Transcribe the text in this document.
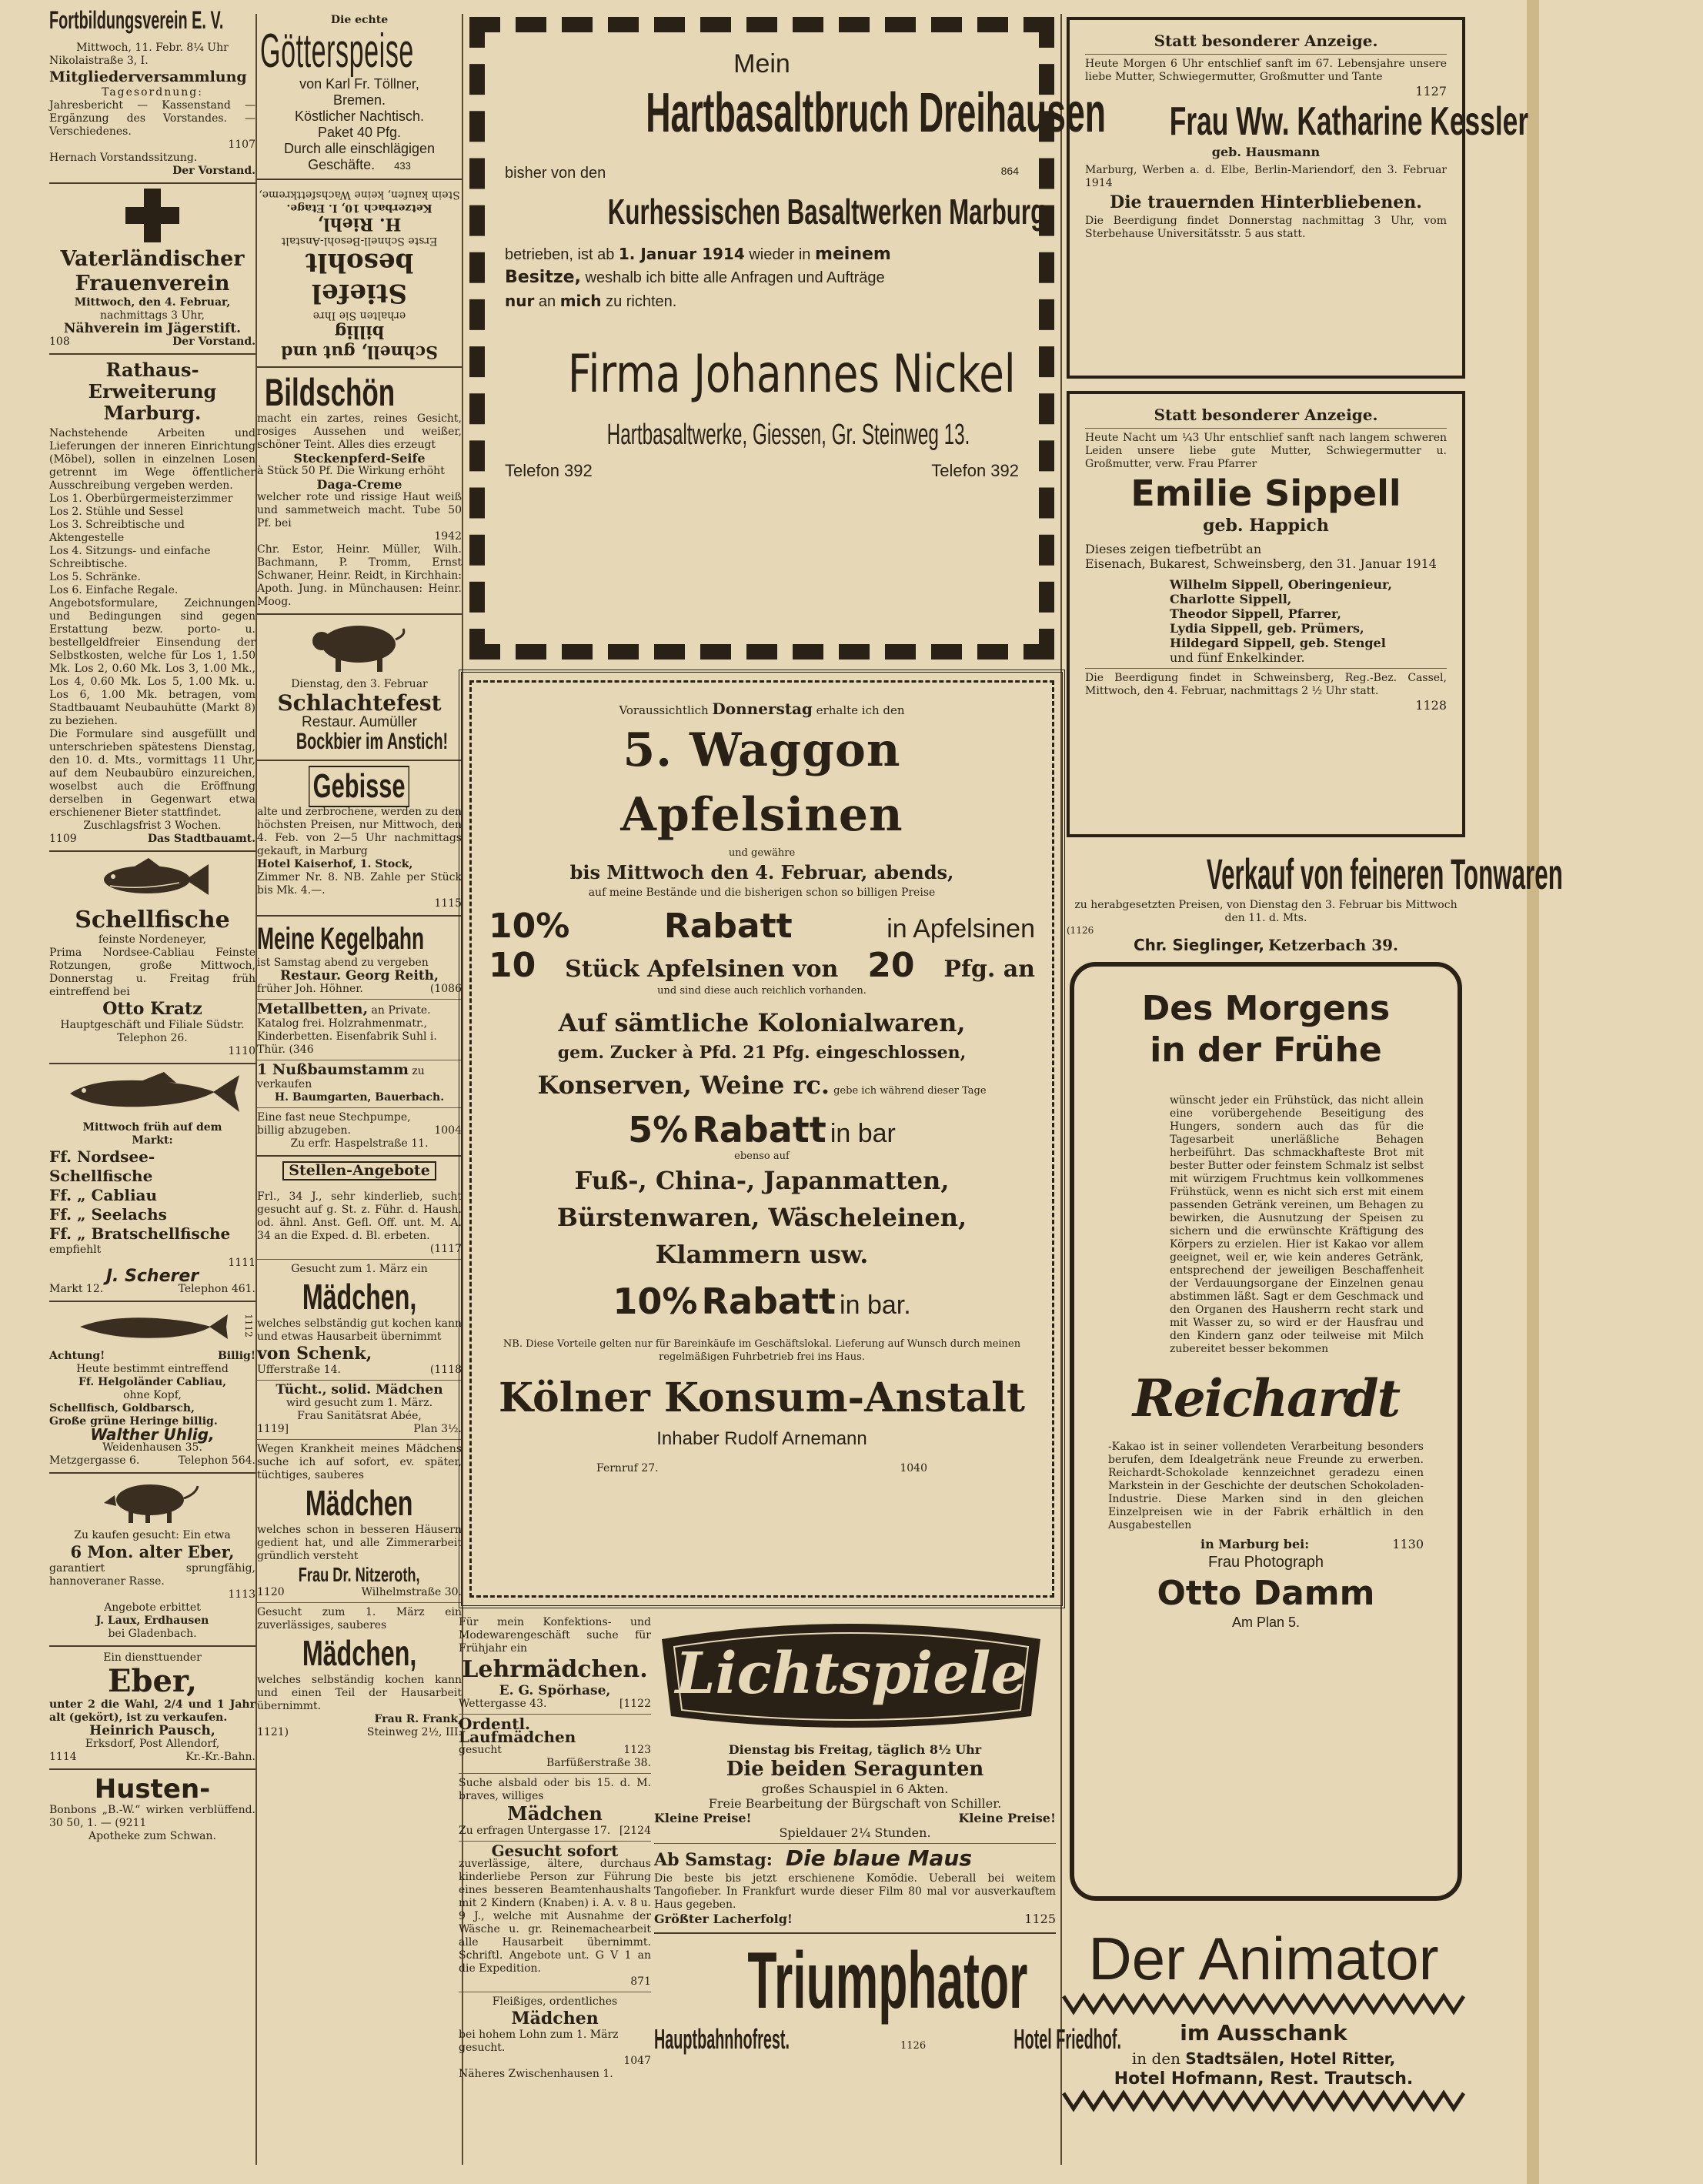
Fortbildungsverein E. V.
Mittwoch, 11. Febr. 8¼ Uhr
Nikolaistraße 3, I.
Mitgliederversammlung
Tagesordnung:
Jahresbericht — Kassenstand — Ergänzung des Vorstandes. — Verschiedenes.
1107
Hernach Vorstandssitzung.
Der Vorstand.
Vaterländischer
Frauenverein
Mittwoch, den 4. Februar,
nachmittags 3 Uhr,
Nähverein im Jägerstift.
108	Der Vorstand.
Rathaus-Erweiterung
Marburg.
Nachstehende Arbeiten und Lieferungen der inneren Einrichtung (Möbel), sollen in einzelnen Losen getrennt im Wege öffentlicher Ausschreibung vergeben werden.
Los 1. Oberbürgermeisterzimmer
Los 2. Stühle und Sessel
Los 3. Schreibtische und Aktengestelle
Los 4. Sitzungs- und einfache Schreibtische.
Los 5. Schränke.
Los 6. Einfache Regale.
Angebotsformulare, Zeichnungen und Bedingungen sind gegen Erstattung bezw. porto- u. bestellgeldfreier Einsendung der Selbstkosten, welche für Los 1, 1.50 Mk. Los 2, 0.60 Mk. Los 3, 1.00 Mk., Los 4, 0.60 Mk. Los 5, 1.00 Mk. u. Los 6, 1.00 Mk. betragen, vom Stadtbauamt Neubauhütte (Markt 8) zu beziehen.
Die Formulare sind ausgefüllt und unterschrieben spätestens Dienstag, den 10. d. Mts., vormittags 11 Uhr, auf dem Neubaubüro einzureichen, woselbst auch die Eröffnung derselben in Gegenwart etwa erschienener Bieter stattfindet.
Zuschlagsfrist 3 Wochen.
1109	Das Stadtbauamt.
Schellfische
feinste Nordeneyer,
Prima Nordsee-Cabliau Feinste Rotzungen, große Mittwoch, Donnerstag u. Freitag früh eintreffend bei
Otto Kratz
Hauptgeschäft und Filiale Südstr. Telephon 26.
1110
Mittwoch früh auf dem
Markt:
Ff. Nordsee-Schellfische
Ff. „ Cabliau
Ff. „ Seelachs
Ff. „ Bratschellfische
empfiehlt
1111
J. Scherer
Markt 12.	Telephon 461.
1112
Achtung!	Billig!
Heute bestimmt eintreffend
Ff. Helgoländer Cabliau,
ohne Kopf,
Schellfisch, Goldbarsch,
Große grüne Heringe billig.
Walther Uhlig,
Weidenhausen 35.
Metzgergasse 6.	Telephon 564.
Zu kaufen gesucht: Ein etwa
6 Mon. alter Eber,
garantiert sprungfähig, hannoveraner Rasse.
1113
Angebote erbittet
J. Laux, Erdhausen
bei Gladenbach.
Ein diensttuender
Eber,
unter 2 die Wahl, 2/4 und 1 Jahr alt (gekört), ist zu verkaufen.
Heinrich Pausch,
Erksdorf, Post Allendorf,
1114	Kr.-Kr.-Bahn.
Husten-
Bonbons „B.-W.“ wirken verblüffend. 30 50, 1. — (9211
Apotheke zum Schwan.
Die echte
Götterspeise
von Karl Fr. Töllner,
Bremen.
Köstlicher Nachtisch.
Paket 40 Pfg.
Durch alle einschlägigen
Geschäfte. 433
Schnell, gut und billig
erhalten Sie Ihre
Stiefel besohlt
Erste Schnell-Besohl-Anstalt
H. Riehl,
Ketzerbach 10, I. Etage.
Stein kaufen, keine Wachsfettkreme,
Bildschön
macht ein zartes, reines Gesicht, rosiges Aussehen und weißer, schöner Teint. Alles dies erzeugt
Steckenpferd-Seife
à Stück 50 Pf. Die Wirkung erhöht
Daga-Creme
welcher rote und rissige Haut weiß und sammetweich macht. Tube 50 Pf. bei
1942
Chr. Estor, Heinr. Müller, Wilh. Bachmann, P. Tromm, Ernst Schwaner, Heinr. Reidt, in Kirchhain: Apoth. Jung. in Münchausen: Heinr. Moog.
Dienstag, den 3. Februar
Schlachtefest
Restaur. Aumüller
Bockbier im Anstich!
Gebisse
alte und zerbrochene, werden zu den höchsten Preisen, nur Mittwoch, den 4. Feb. von 2—5 Uhr nachmittags gekauft, in Marburg
Hotel Kaiserhof, 1. Stock,
Zimmer Nr. 8. NB. Zahle per Stück bis Mk. 4.—.
1115
Meine Kegelbahn
ist Samstag abend zu vergeben
Restaur. Georg Reith,
früher Joh. Höhner.	(1086
Metallbetten, an Private. Katalog frei. Holzrahmenmatr., Kinderbetten. Eisenfabrik Suhl i. Thür. (346
1 Nußbaumstamm zu verkaufen
H. Baumgarten, Bauerbach.
Eine fast neue Stechpumpe,
billig abzugeben.	1004
Zu erfr. Haspelstraße 11.
Stellen-Angebote
Frl., 34 J., sehr kinderlieb, sucht gesucht auf g. St. z. Führ. d. Haush. od. ähnl. Anst. Gefl. Off. unt. M. A. 34 an die Exped. d. Bl. erbeten.
(1117
Gesucht zum 1. März ein
Mädchen,
welches selbständig gut kochen kann und etwas Hausarbeit übernimmt
von Schenk,
Ufferstraße 14.	(1118
Tücht., solid. Mädchen
wird gesucht zum 1. März.
Frau Sanitätsrat Abée,
1119]	Plan 3½.
Wegen Krankheit meines Mädchens suche ich auf sofort, ev. später, tüchtiges, sauberes
Mädchen
welches schon in besseren Häusern gedient hat, und alle Zimmerarbeit gründlich versteht
Frau Dr. Nitzeroth,
1120	Wilhelmstraße 30.
Gesucht zum 1. März ein zuverlässiges, sauberes
Mädchen,
welches selbständig kochen kann und einen Teil der Hausarbeit übernimmt.
Frau R. Frank,
1121)	Steinweg 2½, III.
Mein
Hartbasaltbruch Dreihausen
bisher von den	864
Kurhessischen Basaltwerken Marburg
betrieben, ist ab 1. Januar 1914 wieder in meinem
Besitze, weshalb ich bitte alle Anfragen und Aufträge
nur an mich zu richten.
Firma Johannes Nickel
Hartbasaltwerke, Giessen, Gr. Steinweg 13.
Telefon 392	Telefon 392
Voraussichtlich Donnerstag erhalte ich den
5. Waggon Apfelsinen
und gewähre
bis Mittwoch den 4. Februar, abends,
auf meine Bestände und die bisherigen schon so billigen Preise
10%	Rabatt	in Apfelsinen
10 Stück Apfelsinen von 20 Pfg. an
und sind diese auch reichlich vorhanden.
Auf sämtliche Kolonialwaren,
gem. Zucker à Pfd. 21 Pfg. eingeschlossen,
Konserven, Weine rc. gebe ich während dieser Tage
5% Rabatt in bar
ebenso auf
Fuß-, China-, Japanmatten, Bürstenwaren, Wäscheleinen, Klammern usw.
10% Rabatt in bar.
NB. Diese Vorteile gelten nur für Bareinkäufe im Geschäftslokal. Lieferung auf Wunsch durch meinen regelmäßigen Fuhrbetrieb frei ins Haus.
Kölner Konsum-Anstalt
Inhaber Rudolf Arnemann
Fernruf 27.	1040
Für mein Konfektions- und Modewarengeschäft suche für Frühjahr ein
Lehrmädchen.
E. G. Spörhase,
Wettergasse 43.	[1122
Ordentl. Laufmädchen
gesucht	1123
Barfüßerstraße 38.
Suche alsbald oder bis 15. d. M. braves, williges
Mädchen
Zu erfragen Untergasse 17. [2124
Gesucht sofort
zuverlässige, ältere, durchaus kinderliebe Person zur Führung eines besseren Beamtenhaushalts mit 2 Kindern (Knaben) i. A. v. 8 u. 9 J., welche mit Ausnahme der Wäsche u. gr. Reinemachearbeit alle Hausarbeit übernimmt. Schriftl. Angebote unt. G V 1 an die Expedition.
871
Fleißiges, ordentliches
Mädchen
bei hohem Lohn zum 1. März gesucht.
1047
Näheres Zwischenhausen 1.
Lichtspiele
Dienstag bis Freitag, täglich 8½ Uhr
Die beiden Seragunten
großes Schauspiel in 6 Akten.
Freie Bearbeitung der Bürgschaft von Schiller.
Kleine Preise!	Kleine Preise!
Spieldauer 2¼ Stunden.
Ab Samstag: Die blaue Maus
Die beste bis jetzt erschienene Komödie. Ueberall bei weitem Tangofieber. In Frankfurt wurde dieser Film 80 mal vor ausverkauftem Haus gegeben.
Größter Lacherfolg!	1125
Triumphator
Hauptbahnhofrest.	1126	Hotel Friedhof.
Statt besonderer Anzeige.
Heute Morgen 6 Uhr entschlief sanft im 67. Lebensjahre unsere liebe Mutter, Schwiegermutter, Großmutter und Tante
1127
Frau Ww. Katharine Kessler
geb. Hausmann
Marburg, Werben a. d. Elbe, Berlin-Mariendorf, den 3. Februar 1914
Die trauernden Hinterbliebenen.
Die Beerdigung findet Donnerstag nachmittag 3 Uhr, vom Sterbehause Universitätsstr. 5 aus statt.
Statt besonderer Anzeige.
Heute Nacht um ¼3 Uhr entschlief sanft nach langem schweren Leiden unsere liebe gute Mutter, Schwiegermutter u. Großmutter, verw. Frau Pfarrer
Emilie Sippell
geb. Happich
Dieses zeigen tiefbetrübt an
Eisenach, Bukarest, Schweinsberg, den 31. Januar 1914
Wilhelm Sippell, Oberingenieur,
Charlotte Sippell,
Theodor Sippell, Pfarrer,
Lydia Sippell, geb. Prümers,
Hildegard Sippell, geb. Stengel
und fünf Enkelkinder.
Die Beerdigung findet in Schweinsberg, Reg.-Bez. Cassel, Mittwoch, den 4. Februar, nachmittags 2 ½ Uhr statt.
1128
Verkauf von feineren Tonwaren
zu herabgesetzten Preisen, von Dienstag den 3. Februar bis Mittwoch den 11. d. Mts.
(1126
Chr. Sieglinger, Ketzerbach 39.
Des Morgens
in der Frühe
wünscht jeder ein Frühstück, das nicht allein eine vorübergehende Beseitigung des Hungers, sondern auch das für die Tagesarbeit unerläßliche Behagen herbeiführt. Das schmackhafteste Brot mit bester Butter oder feinstem Schmalz ist selbst mit würzigem Fruchtmus kein vollkommenes Frühstück, wenn es nicht sich erst mit einem passenden Getränk vereinen, um Behagen zu bewirken, die Ausnutzung der Speisen zu sichern und die erwünschte Kräftigung des Körpers zu erzielen. Hier ist Kakao vor allem geeignet, weil er, wie kein anderes Getränk, entsprechend der jeweiligen Beschaffenheit der Verdauungsorgane der Einzelnen genau abstimmen läßt. Sagt er dem Geschmack und den Organen des Hausherrn recht stark und mit Wasser zu, so wird er der Hausfrau und den Kindern ganz oder teilweise mit Milch zubereitet besser bekommen
Reichardt
-Kakao ist in seiner vollendeten Verarbeitung besonders berufen, dem Idealgetränk neue Freunde zu erwerben. Reichardt-Schokolade kennzeichnet geradezu einen Markstein in der Geschichte der deutschen Schokoladen-Industrie. Diese Marken sind in den gleichen Einzelpreisen wie in der Fabrik erhältlich in den Ausgabestellen
in Marburg bei:	1130
Frau Photograph
Otto Damm
Am Plan 5.
Der Animator
im Ausschank
in den Stadtsälen, Hotel Ritter,
Hotel Hofmann, Rest. Trautsch.
